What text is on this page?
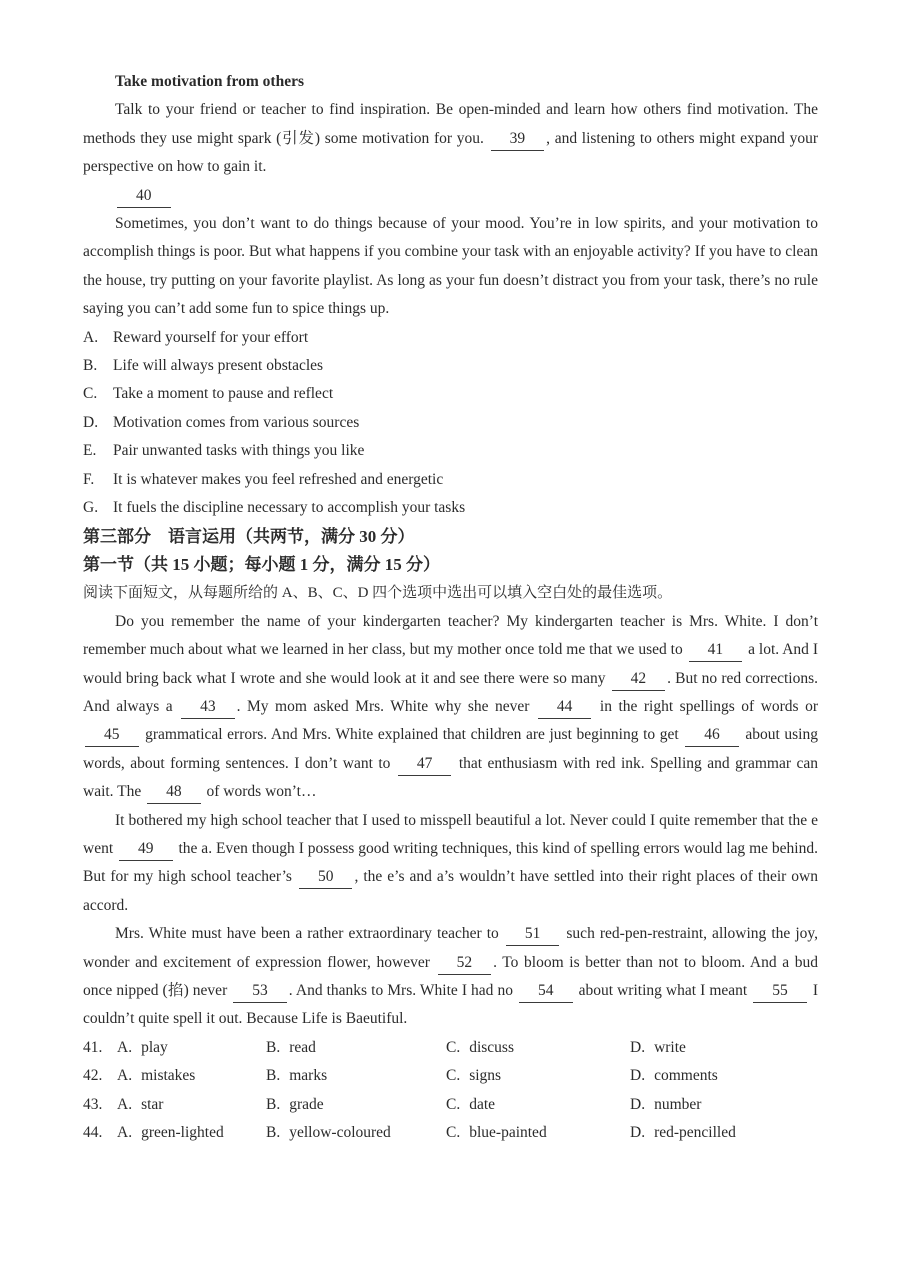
Take motivation from others

Talk to your friend or teacher to find inspiration. Be open-minded and learn how others find motivation. The methods they use might spark (引发) some motivation for you. 39 , and listening to others might expand your perspective on how to gain it.

40

Sometimes, you don’t want to do things because of your mood. You’re in low spirits, and your motivation to accomplish things is poor. But what happens if you combine your task with an enjoyable activity? If you have to clean the house, try putting on your favorite playlist. As long as your fun doesn’t distract you from your task, there’s no rule saying you can’t add some fun to spice things up.

A. Reward yourself for your effort
B.	Life will always present obstacles
C.	Take a moment to pause and reflect
D. Motivation comes from various sources
E.	Pair unwanted tasks with things you like
F.	It is whatever makes you feel refreshed and energetic
G. It fuels the discipline necessary to accomplish your tasks

第三部分　语言运用（共两节，满分 30 分）

第一节（共 15 小题；每小题 1 分，满分 15 分）

阅读下面短文，从每题所给的 A、B、C、D 四个选项中选出可以填入空白处的最佳选项。

Do you remember the name of your kindergarten teacher? My kindergarten teacher is Mrs. White. I don’t remember much about what we learned in her class, but my mother once told me that we used to 41 a lot. And I would bring back what I wrote and she would look at it and see there were so many 42 . But no red corrections. And always a 43 . My mom asked Mrs. White why she never 44 in the right spellings of words or 45 grammatical errors. And Mrs. White explained that children are just beginning to get 46 about using words, about forming sentences. I don’t want to 47 that enthusiasm with red ink. Spelling and grammar can wait. The 48 of words won’t…

It bothered my high school teacher that I used to misspell beautiful a lot. Never could I quite remember that the e went 49 the a. Even though I possess good writing techniques, this kind of spelling errors would lag me behind. But for my high school teacher’s 50 , the e’s and a’s wouldn’t have settled into their right places of their own accord.

Mrs. White must have been a rather extraordinary teacher to 51 such red-pen-restraint, allowing the joy, wonder and excitement of expression flower, however 52 . To bloom is better than not to bloom. And a bud once nipped (掐) never 53 . And thanks to Mrs. White I had no 54 about writing what I meant 55 I couldn’t quite spell it out. Because Life is Baeutiful.

41. A. play	B. read	C. discuss	D. write
42. A. mistakes	B. marks	C. signs	D. comments
43. A. star	B. grade	C. date	D. number
44. A. green-lighted	B. yellow-coloured	C. blue-painted	D. red-pencilled
